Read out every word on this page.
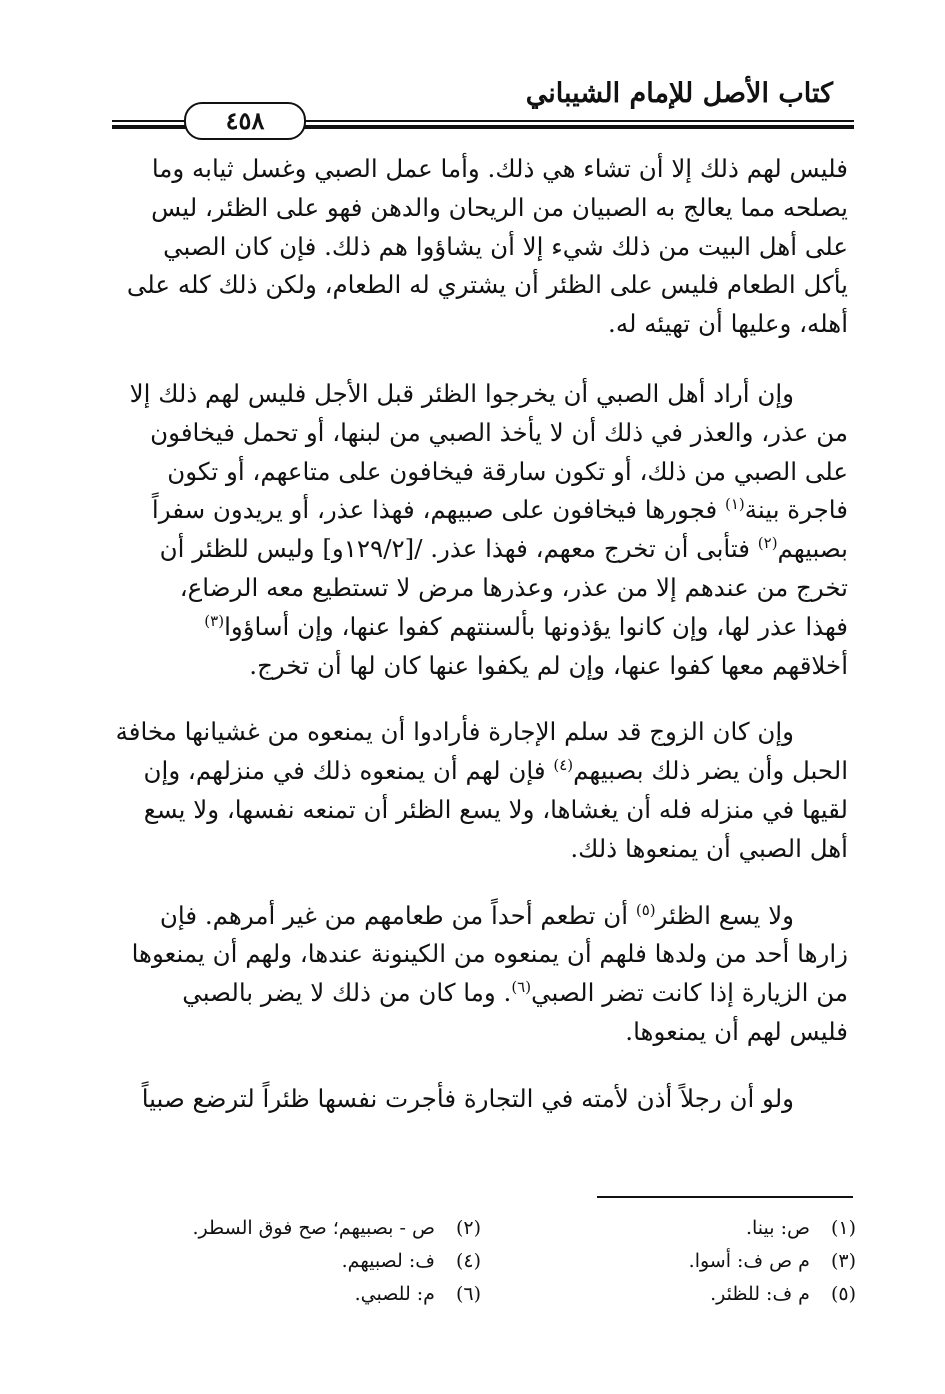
كتاب الأصل للإمام الشيباني
٤٥٨

فليس لهم ذلك إلا أن تشاء هي ذلك. وأما عمل الصبي وغسل ثيابه وما

يصلحه مما يعالج به الصبيان من الريحان والدهن فهو على الظئر، ليس

على أهل البيت من ذلك شيء إلا أن يشاؤوا هم ذلك. فإن كان الصبي

يأكل الطعام فليس على الظئر أن يشتري له الطعام، ولكن ذلك كله على

أهله، وعليها أن تهيئه له.

وإن أراد أهل الصبي أن يخرجوا الظئر قبل الأجل فليس لهم ذلك إلا

من عذر، والعذر في ذلك أن لا يأخذ الصبي من لبنها، أو تحمل فيخافون

على الصبي من ذلك، أو تكون سارقة فيخافون على متاعهم، أو تكون

فاجرة بينة$^{(١)}$ فجورها فيخافون على صبيهم، فهذا عذر، أو يريدون سفراً

بصبيهم$^{(٢)}$ فتأبى أن تخرج معهم، فهذا عذر. /[١٢٩/٢و] وليس للظئر أن

تخرج من عندهم إلا من عذر، وعذرها مرض لا تستطيع معه الرضاع،

فهذا عذر لها، وإن كانوا يؤذونها بألسنتهم كفوا عنها، وإن أساؤوا$^{(٣)}$

أخلاقهم معها كفوا عنها، وإن لم يكفوا عنها كان لها أن تخرج.

وإن كان الزوج قد سلم الإجارة فأرادوا أن يمنعوه من غشيانها مخافة

الحبل وأن يضر ذلك بصبيهم$^{(٤)}$ فإن لهم أن يمنعوه ذلك في منزلهم، وإن

لقيها في منزله فله أن يغشاها، ولا يسع الظئر أن تمنعه نفسها، ولا يسع

أهل الصبي أن يمنعوها ذلك.

ولا يسع الظئر$^{(٥)}$ أن تطعم أحداً من طعامهم من غير أمرهم. فإن

زارها أحد من ولدها فلهم أن يمنعوه من الكينونة عندها، ولهم أن يمنعوها

من الزيارة إذا كانت تضر الصبي$^{(٦)}$. وما كان من ذلك لا يضر بالصبي

فليس لهم أن يمنعوها.

ولو أن رجلاً أذن لأمته في التجارة فأجرت نفسها ظئراً لترضع صبياً

(١) ص: بينا.
(٢) ص - بصبيهم؛ صح فوق السطر.
(٣) م ص ف: أسوا.
(٤) ف: لصبيهم.
(٥) م ف: للظئر.
(٦) م: للصبي.
